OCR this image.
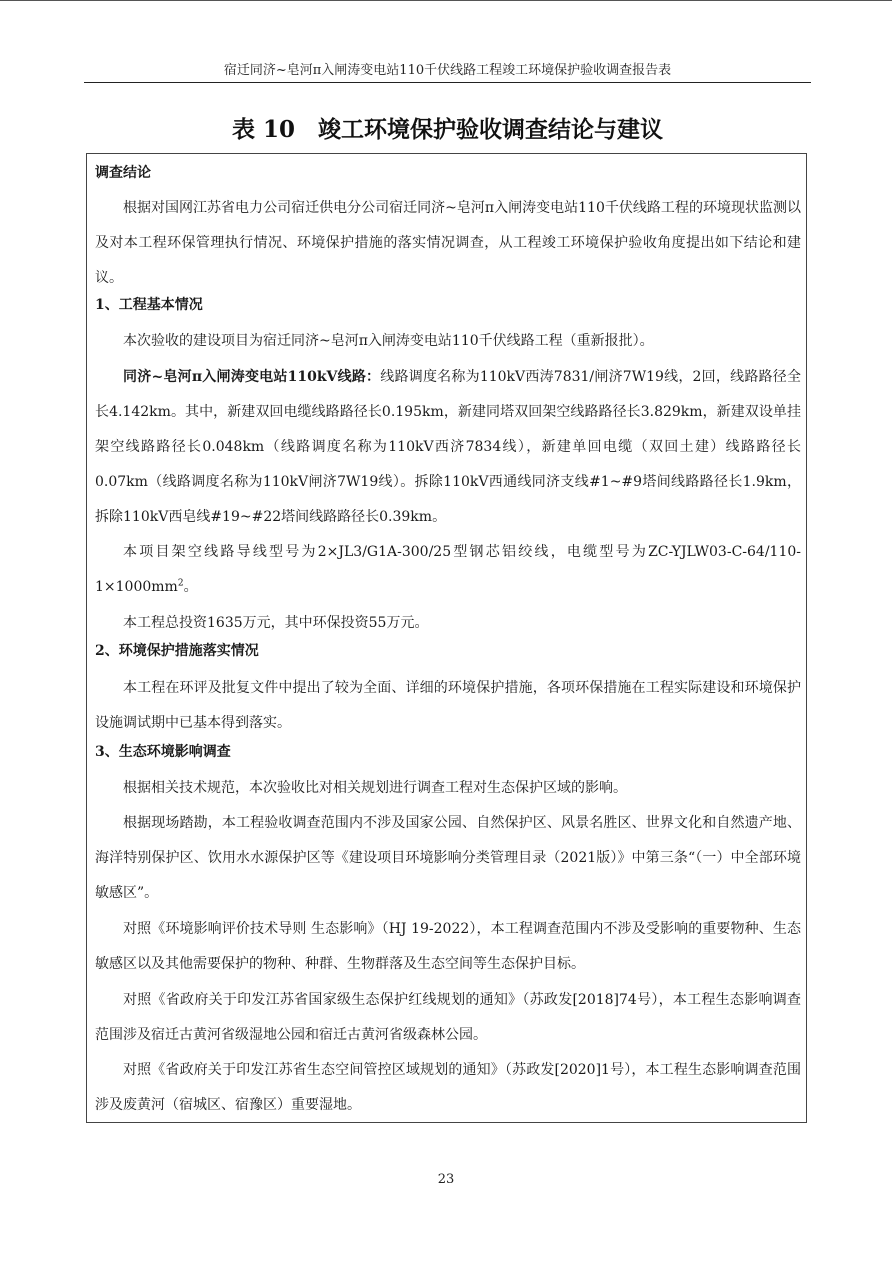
宿迁同济~皂河π入闸涛变电站110千伏线路工程竣工环境保护验收调查报告表
表 10　竣工环境保护验收调查结论与建议
调查结论
根据对国网江苏省电力公司宿迁供电分公司宿迁同济~皂河π入闸涛变电站110千伏线路工程的环境现状监测以及对本工程环保管理执行情况、环境保护措施的落实情况调查，从工程竣工环境保护验收角度提出如下结论和建议。
1、工程基本情况
本次验收的建设项目为宿迁同济~皂河π入闸涛变电站110千伏线路工程（重新报批）。
同济~皂河π入闸涛变电站110kV线路：线路调度名称为110kV西涛7831/闸济7W19线，2回，线路路径全长4.142km。其中，新建双回电缆线路路径长0.195km，新建同塔双回架空线路路径长3.829km，新建双设单挂架空线路路径长0.048km（线路调度名称为110kV西济7834线），新建单回电缆（双回土建）线路路径长0.07km（线路调度名称为110kV闸济7W19线）。拆除110kV西通线同济支线#1~#9塔间线路路径长1.9km，拆除110kV西皂线#19~#22塔间线路路径长0.39km。
本项目架空线路导线型号为2×JL3/G1A-300/25型钢芯铝绞线，电缆型号为$ZC-YJLW03-C-64/110-1\times 1000mm^2$。
本工程总投资1635万元，其中环保投资55万元。
2、环境保护措施落实情况
本工程在环评及批复文件中提出了较为全面、详细的环境保护措施，各项环保措施在工程实际建设和环境保护设施调试期中已基本得到落实。
3、生态环境影响调查
根据相关技术规范，本次验收比对相关规划进行调查工程对生态保护区域的影响。
根据现场踏勘，本工程验收调查范围内不涉及国家公园、自然保护区、风景名胜区、世界文化和自然遗产地、海洋特别保护区、饮用水水源保护区等《建设项目环境影响分类管理目录（2021版）》中第三条“（一）中全部环境敏感区”。
对照《环境影响评价技术导则 生态影响》（HJ 19-2022），本工程调查范围内不涉及受影响的重要物种、生态敏感区以及其他需要保护的物种、种群、生物群落及生态空间等生态保护目标。
对照《省政府关于印发江苏省国家级生态保护红线规划的通知》（苏政发[2018]74号），本工程生态影响调查范围涉及宿迁古黄河省级湿地公园和宿迁古黄河省级森林公园。
对照《省政府关于印发江苏省生态空间管控区域规划的通知》（苏政发[2020]1号），本工程生态影响调查范围涉及废黄河（宿城区、宿豫区）重要湿地。
23
